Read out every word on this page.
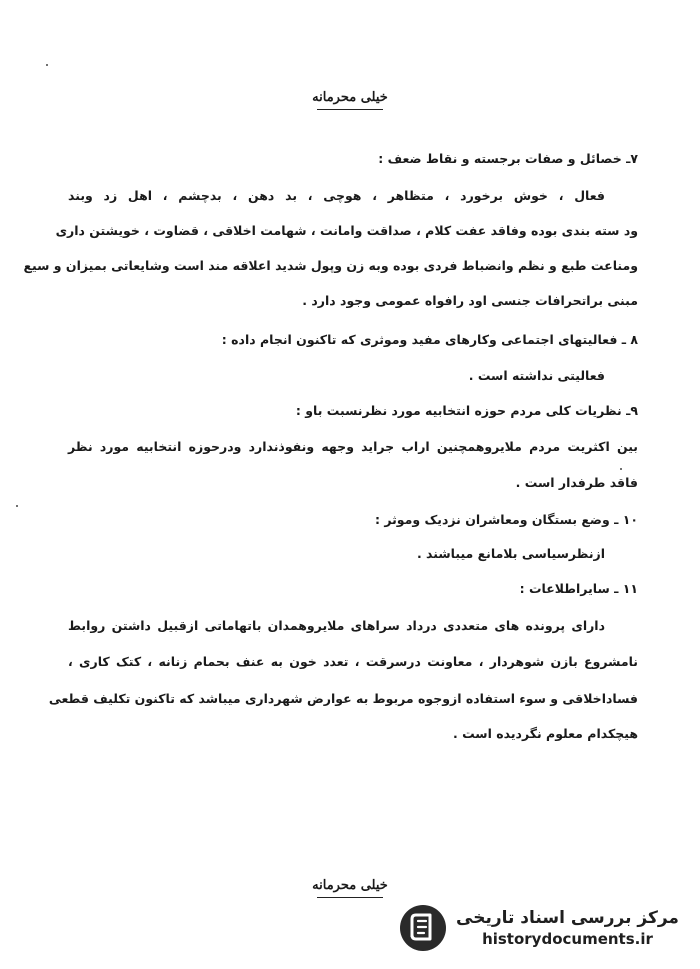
خیلی محرمانه
۷ـ خصائل و صفات برجسته و نقاط ضعف :
فعال ، خوش برخورد ، متظاهر ، هوچی ، بد دهن ، بدچشم ، اهل زد وبند
ود سته بندی بوده وفاقد عفت کلام ، صداقت وامانت ، شهامت اخلاقی ، قضاوت ، خویشتن داری
ومناعت طبع و نظم وانضباط فردی بوده وبه زن وپول شدید اعلاقه مند است وشایعاتی بمیزان و سیع
مبنی براتحرافات جنسی اود رافواه عمومی وجود دارد .
۸ ـ فعالیتهای اجتماعی وکارهای مفید وموثری که تاکنون انجام داده :
فعالیتی نداشته است .
۹ـ نظریات کلی مردم حوزه انتخابیه مورد نظرنسبت باو :
بین اکثریت مردم ملایروهمچنین اراب جراید وجهه ونفوذندارد ودرحوزه انتخابیه مورد نظر
فاقد طرفدار است .
۱۰ ـ وضع بستگان ومعاشران نزدیک وموثر :
ازنظرسیاسی بلامانع میباشند .
۱۱ ـ سایراطلاعات :
دارای پرونده های متعددی درداد سراهای ملایروهمدان باتهاماتی ازقبیل داشتن روابط
نامشروع بازن شوهردار ، معاونت درسرقت ، تعدد خون به عنف بحمام زنانه ، کتک کاری ،
فساداخلاقی و سوء استفاده ازوجوه مربوط به عوارض شهرداری میباشد که تاکنون تکلیف قطعی
هیچکدام معلوم نگردیده است .
خیلی محرمانه
مرکز بررسی اسناد تاریخی
historydocuments.ir
